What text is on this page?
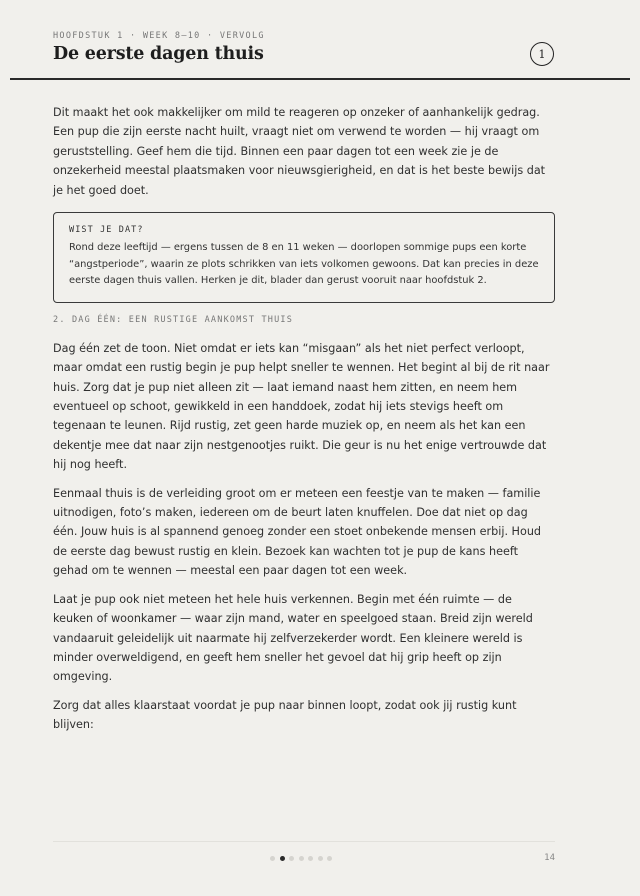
HOOFDSTUK 1 · WEEK 8–10 · VERVOLG
De eerste dagen thuis	1

Dit maakt het ook makkelijker om mild te reageren op onzeker of aanhankelijk gedrag. Een pup die zijn eerste nacht huilt, vraagt niet om verwend te worden — hij vraagt om geruststelling. Geef hem die tijd. Binnen een paar dagen tot een week zie je de onzekerheid meestal plaatsmaken voor nieuwsgierigheid, en dat is het beste bewijs dat je het goed doet.

WIST JE DAT?
Rond deze leeftijd — ergens tussen de 8 en 11 weken — doorlopen sommige pups een korte “angstperiode”, waarin ze plots schrikken van iets volkomen gewoons. Dat kan precies in deze eerste dagen thuis vallen. Herken je dit, blader dan gerust vooruit naar hoofdstuk 2.
2. DAG ÉÉN: EEN RUSTIGE AANKOMST THUIS

Dag één zet de toon. Niet omdat er iets kan “misgaan” als het niet perfect verloopt, maar omdat een rustig begin je pup helpt sneller te wennen. Het begint al bij de rit naar huis. Zorg dat je pup niet alleen zit — laat iemand naast hem zitten, en neem hem eventueel op schoot, gewikkeld in een handdoek, zodat hij iets stevigs heeft om tegenaan te leunen. Rijd rustig, zet geen harde muziek op, en neem als het kan een dekentje mee dat naar zijn nestgenootjes ruikt. Die geur is nu het enige vertrouwde dat hij nog heeft.

Eenmaal thuis is de verleiding groot om er meteen een feestje van te maken — familie uitnodigen, foto’s maken, iedereen om de beurt laten knuffelen. Doe dat niet op dag één. Jouw huis is al spannend genoeg zonder een stoet onbekende mensen erbij. Houd de eerste dag bewust rustig en klein. Bezoek kan wachten tot je pup de kans heeft gehad om te wennen — meestal een paar dagen tot een week.

Laat je pup ook niet meteen het hele huis verkennen. Begin met één ruimte — de keuken of woonkamer — waar zijn mand, water en speelgoed staan. Breid zijn wereld vandaaruit geleidelijk uit naarmate hij zelfverzekerder wordt. Een kleinere wereld is minder overweldigend, en geeft hem sneller het gevoel dat hij grip heeft op zijn omgeving.

Zorg dat alles klaarstaat voordat je pup naar binnen loopt, zodat ook jij rustig kunt blijven:

14
